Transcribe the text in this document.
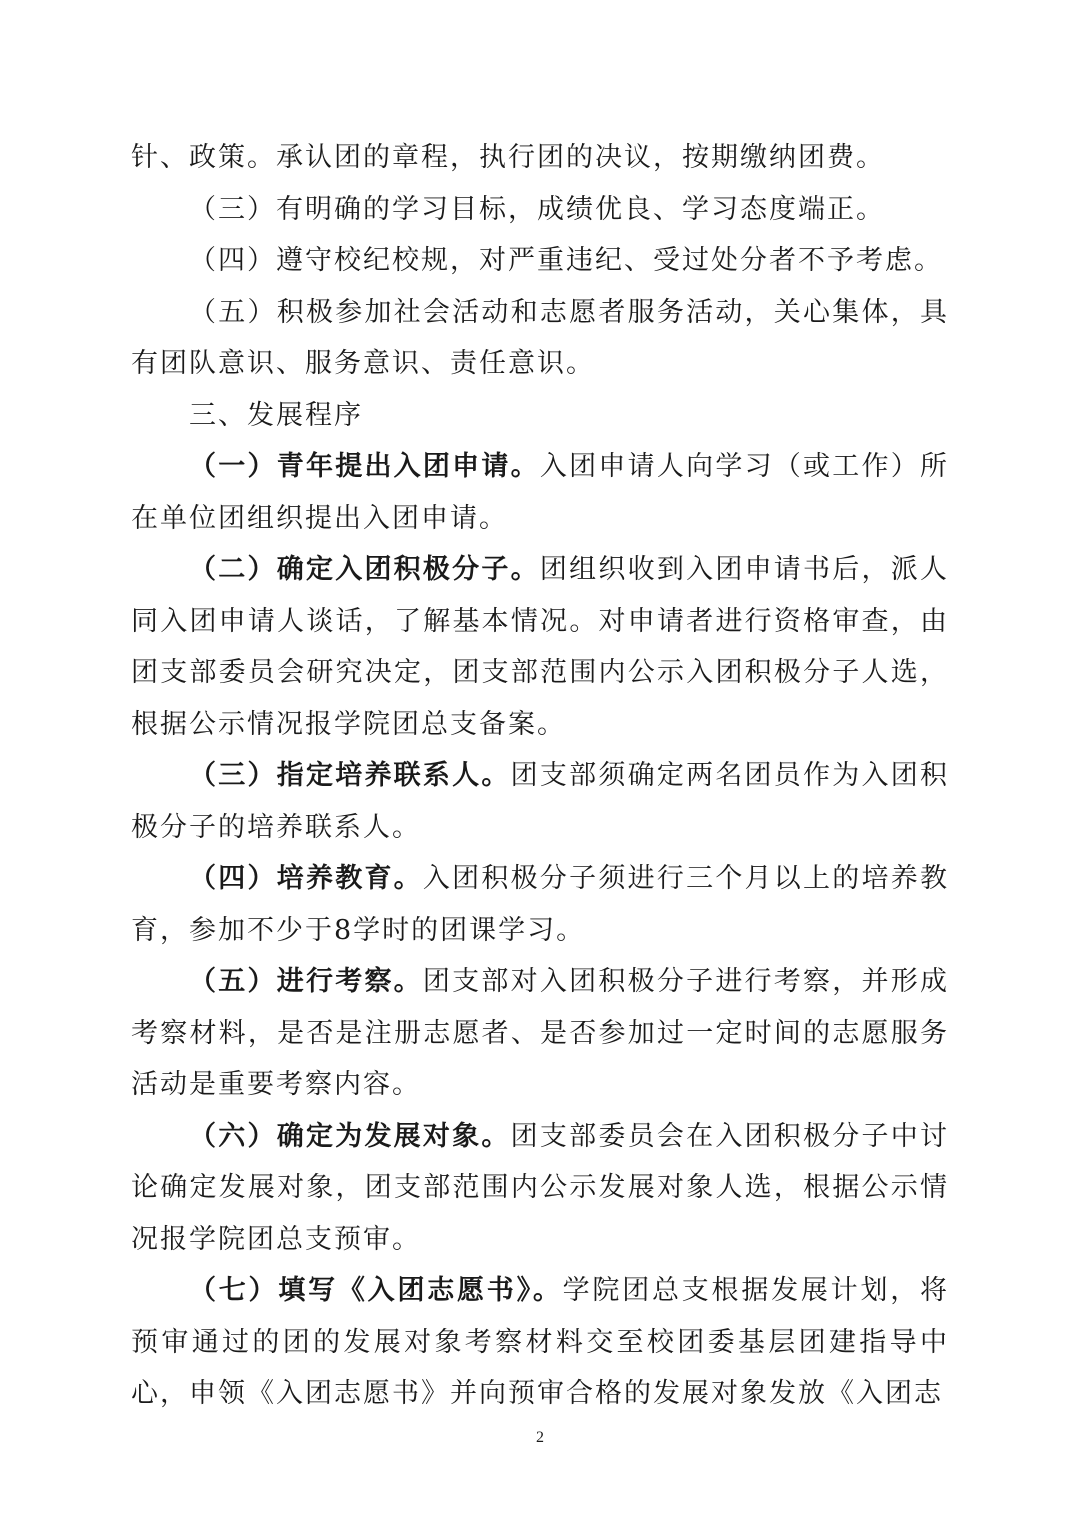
针、政策。承认团的章程，执行团的决议，按期缴纳团费。

（三）有明确的学习目标，成绩优良、学习态度端正。

（四）遵守校纪校规，对严重违纪、受过处分者不予考虑。

（五）积极参加社会活动和志愿者服务活动，关心集体，具有团队意识、服务意识、责任意识。

三、发展程序

（一）青年提出入团申请。入团申请人向学习（或工作）所在单位团组织提出入团申请。

（二）确定入团积极分子。团组织收到入团申请书后，派人同入团申请人谈话，了解基本情况。对申请者进行资格审查，由团支部委员会研究决定，团支部范围内公示入团积极分子人选，根据公示情况报学院团总支备案。

（三）指定培养联系人。团支部须确定两名团员作为入团积极分子的培养联系人。

（四）培养教育。入团积极分子须进行三个月以上的培养教育，参加不少于8学时的团课学习。

（五）进行考察。团支部对入团积极分子进行考察，并形成考察材料，是否是注册志愿者、是否参加过一定时间的志愿服务活动是重要考察内容。

（六）确定为发展对象。团支部委员会在入团积极分子中讨论确定发展对象，团支部范围内公示发展对象人选，根据公示情况报学院团总支预审。

（七）填写《入团志愿书》。学院团总支根据发展计划，将预审通过的团的发展对象考察材料交至校团委基层团建指导中心，申领《入团志愿书》并向预审合格的发展对象发放《入团志

2
